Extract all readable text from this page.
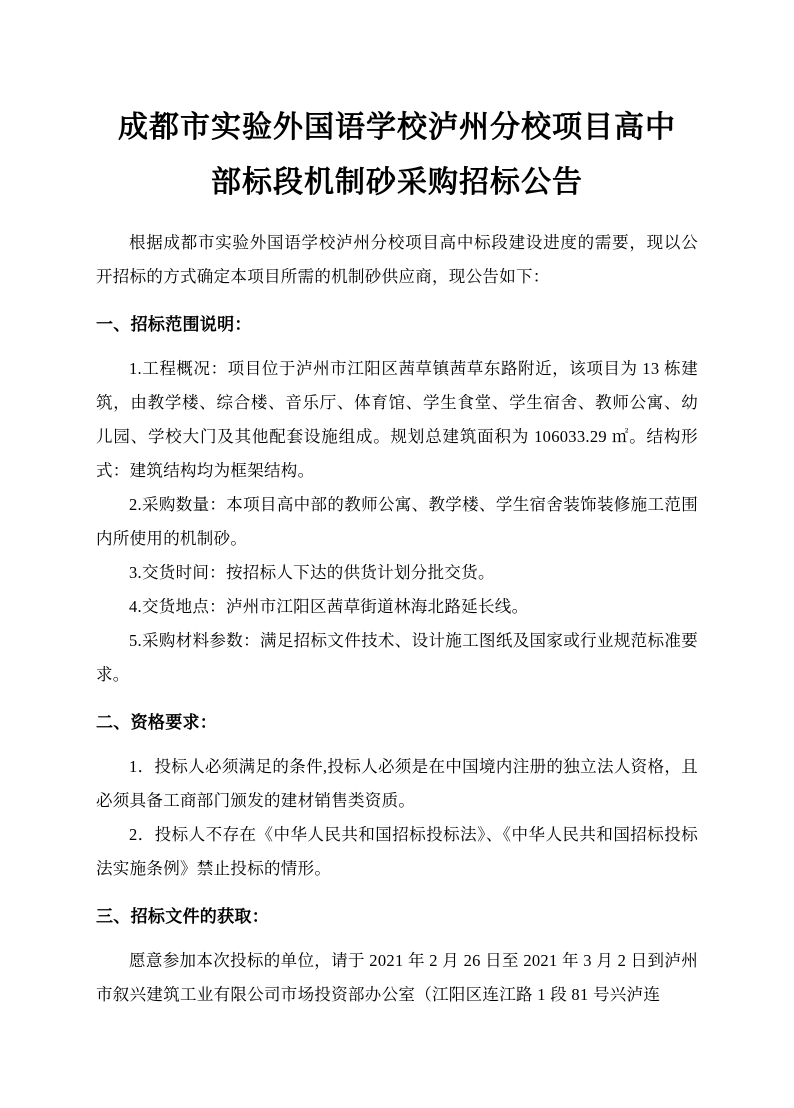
成都市实验外国语学校泸州分校项目高中
部标段机制砂采购招标公告

根据成都市实验外国语学校泸州分校项目高中标段建设进度的需要，现以公开招标的方式确定本项目所需的机制砂供应商，现公告如下：

一、招标范围说明：

1.工程概况：项目位于泸州市江阳区茜草镇茜草东路附近，该项目为 13 栋建筑，由教学楼、综合楼、音乐厅、体育馆、学生食堂、学生宿舍、教师公寓、幼儿园、学校大门及其他配套设施组成。规划总建筑面积为 106033.29 ㎡。结构形式：建筑结构均为框架结构。

2.采购数量：本项目高中部的教师公寓、教学楼、学生宿舍装饰装修施工范围内所使用的机制砂。

3.交货时间：按招标人下达的供货计划分批交货。

4.交货地点：泸州市江阳区茜草街道林海北路延长线。

5.采购材料参数：满足招标文件技术、设计施工图纸及国家或行业规范标准要求。

二、资格要求：

1．投标人必须满足的条件,投标人必须是在中国境内注册的独立法人资格，且必须具备工商部门颁发的建材销售类资质。

2．投标人不存在《中华人民共和国招标投标法》、《中华人民共和国招标投标法实施条例》禁止投标的情形。

三、招标文件的获取：

愿意参加本次投标的单位，请于 2021 年 2 月 26 日至 2021 年 3 月 2 日到泸州市叙兴建筑工业有限公司市场投资部办公室（江阳区连江路 1 段 81 号兴泸连
